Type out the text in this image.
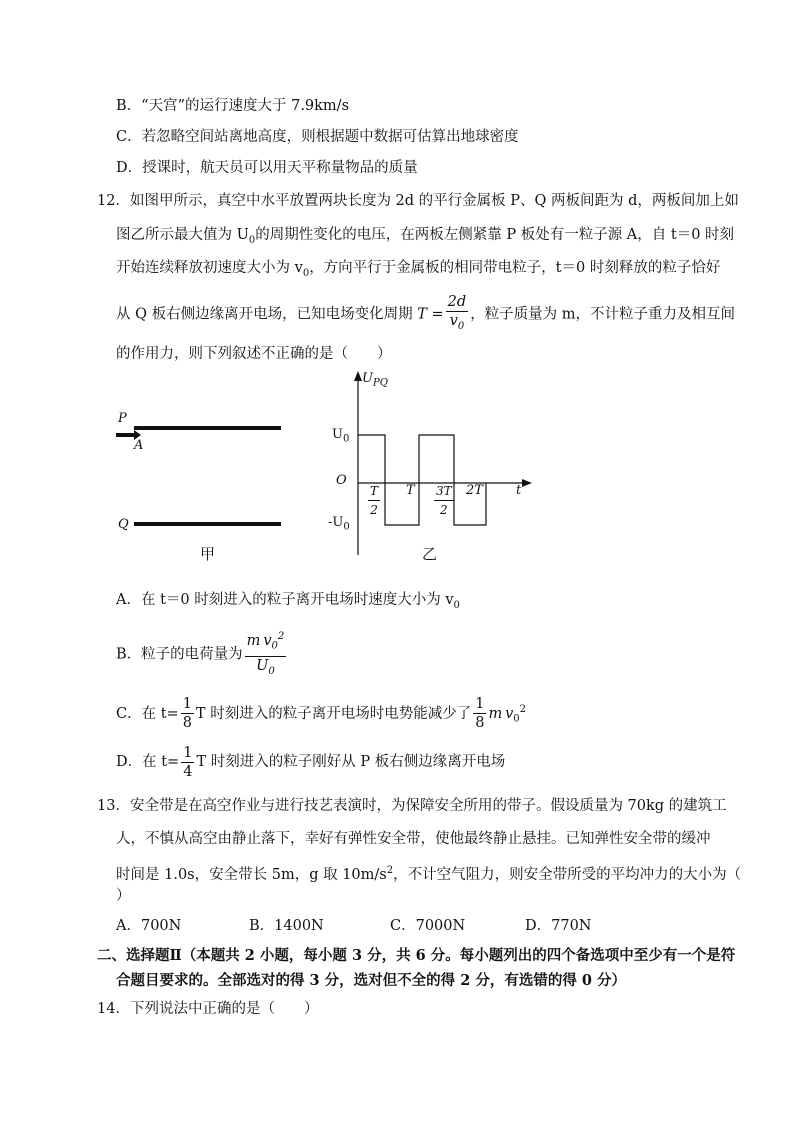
B．“天宫”的运行速度大于 7.9km/s
C．若忽略空间站离地高度，则根据题中数据可估算出地球密度
D．授课时，航天员可以用天平称量物品的质量
12．如图甲所示，真空中水平放置两块长度为 2d 的平行金属板 P、Q 两板间距为 d，两板间加上如
图乙所示最大值为 $U_0$的周期性变化的电压，在两板左侧紧靠 P 板处有一粒子源 A，自 t＝0 时刻
开始连续释放初速度大小为 $v_0$，方向平行于金属板的相同带电粒子，t＝0 时刻释放的粒子恰好
从 Q 板右侧边缘离开电场，已知电场变化周期 $T = \frac{2d}{v_0}$ ，粒子质量为 m，不计粒子重力及相互间
的作用力，则下列叙述不正确的是（　　）
P
A
Q
甲
$U_{PQ}$
$U_0$
$-U_0$
O
t
$\frac{T}{2}$ T $\frac{3T}{2} 2T$
乙
A．在 t＝0 时刻进入的粒子离开电场时速度大小为 $v_0$
B．粒子的电荷量为 $\frac{m v_0^2}{U_0}$
C．在 $t= \frac{1}{8}$ T 时刻进入的粒子离开电场时电势能减少了 $\frac{1}{8}$ m  $v_0^2$
D．在 $t= \frac{1}{4}$ T 时刻进入的粒子刚好从 P 板右侧边缘离开电场
13．安全带是在高空作业与进行技艺表演时，为保障安全所用的带子。假设质量为 70kg 的建筑工
人，不慎从高空由静止落下，幸好有弹性安全带，使他最终静止悬挂。已知弹性安全带的缓冲
时间是 1.0s，安全带长 5m，g 取 $10m/s^2$，不计空气阻力，则安全带所受的平均冲力的大小为（
）
A．700N	B．1400N	C．7000N	D．770N
二、选择题Ⅱ（本题共 2 小题，每小题 3 分，共 6 分。每小题列出的四个备选项中至少有一个是符
合题目要求的。全部选对的得 3 分，选对但不全的得 2 分，有选错的得 0 分）
14．下列说法中正确的是（　　）
